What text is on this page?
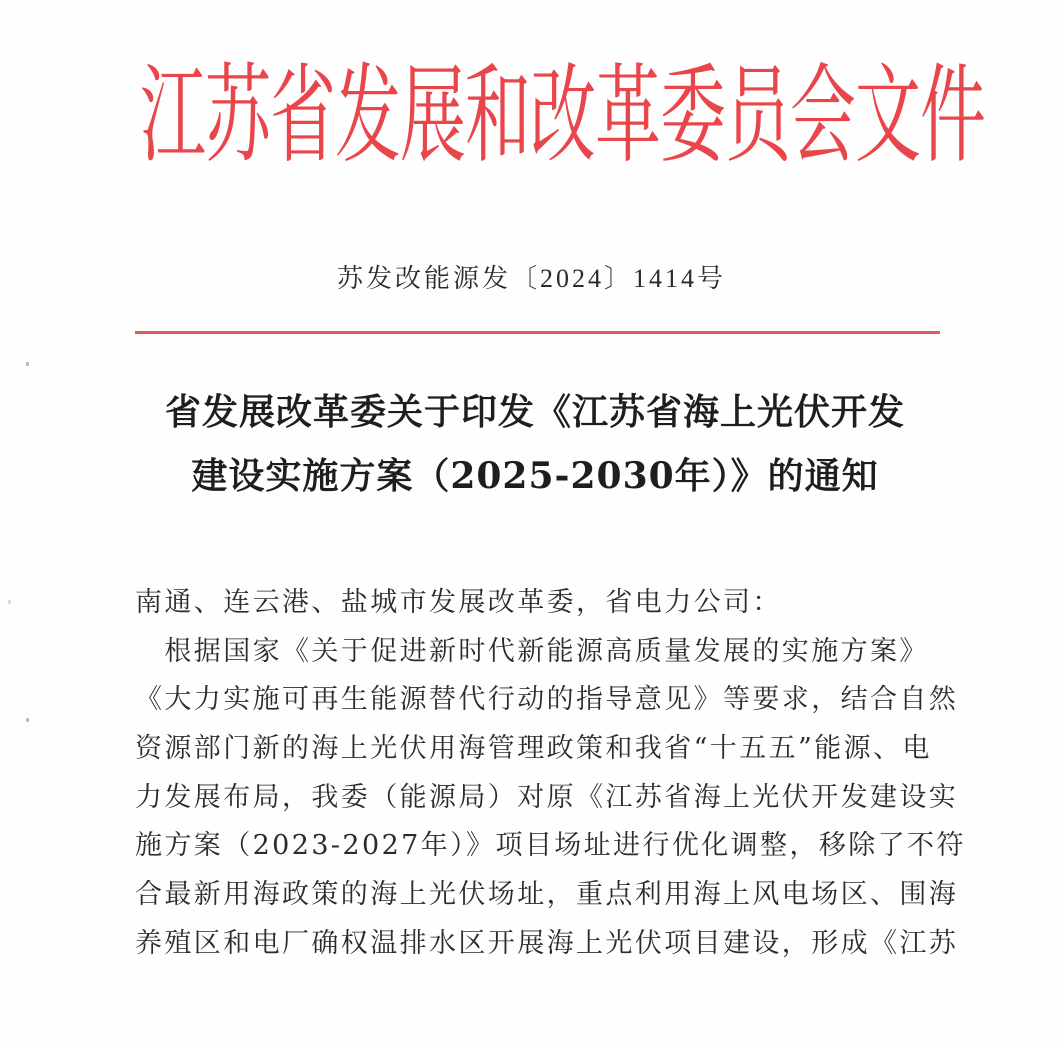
江苏省发展和改革委员会文件
苏发改能源发〔2024〕1414号
省发展改革委关于印发《江苏省海上光伏开发
建设实施方案（2025-2030年）》的通知
南通、连云港、盐城市发展改革委，省电力公司：
　根据国家《关于促进新时代新能源高质量发展的实施方案》
《大力实施可再生能源替代行动的指导意见》等要求，结合自然
资源部门新的海上光伏用海管理政策和我省“十五五”能源、电
力发展布局，我委（能源局）对原《江苏省海上光伏开发建设实
施方案（2023-2027年）》项目场址进行优化调整，移除了不符
合最新用海政策的海上光伏场址，重点利用海上风电场区、围海
养殖区和电厂确权温排水区开展海上光伏项目建设，形成《江苏
